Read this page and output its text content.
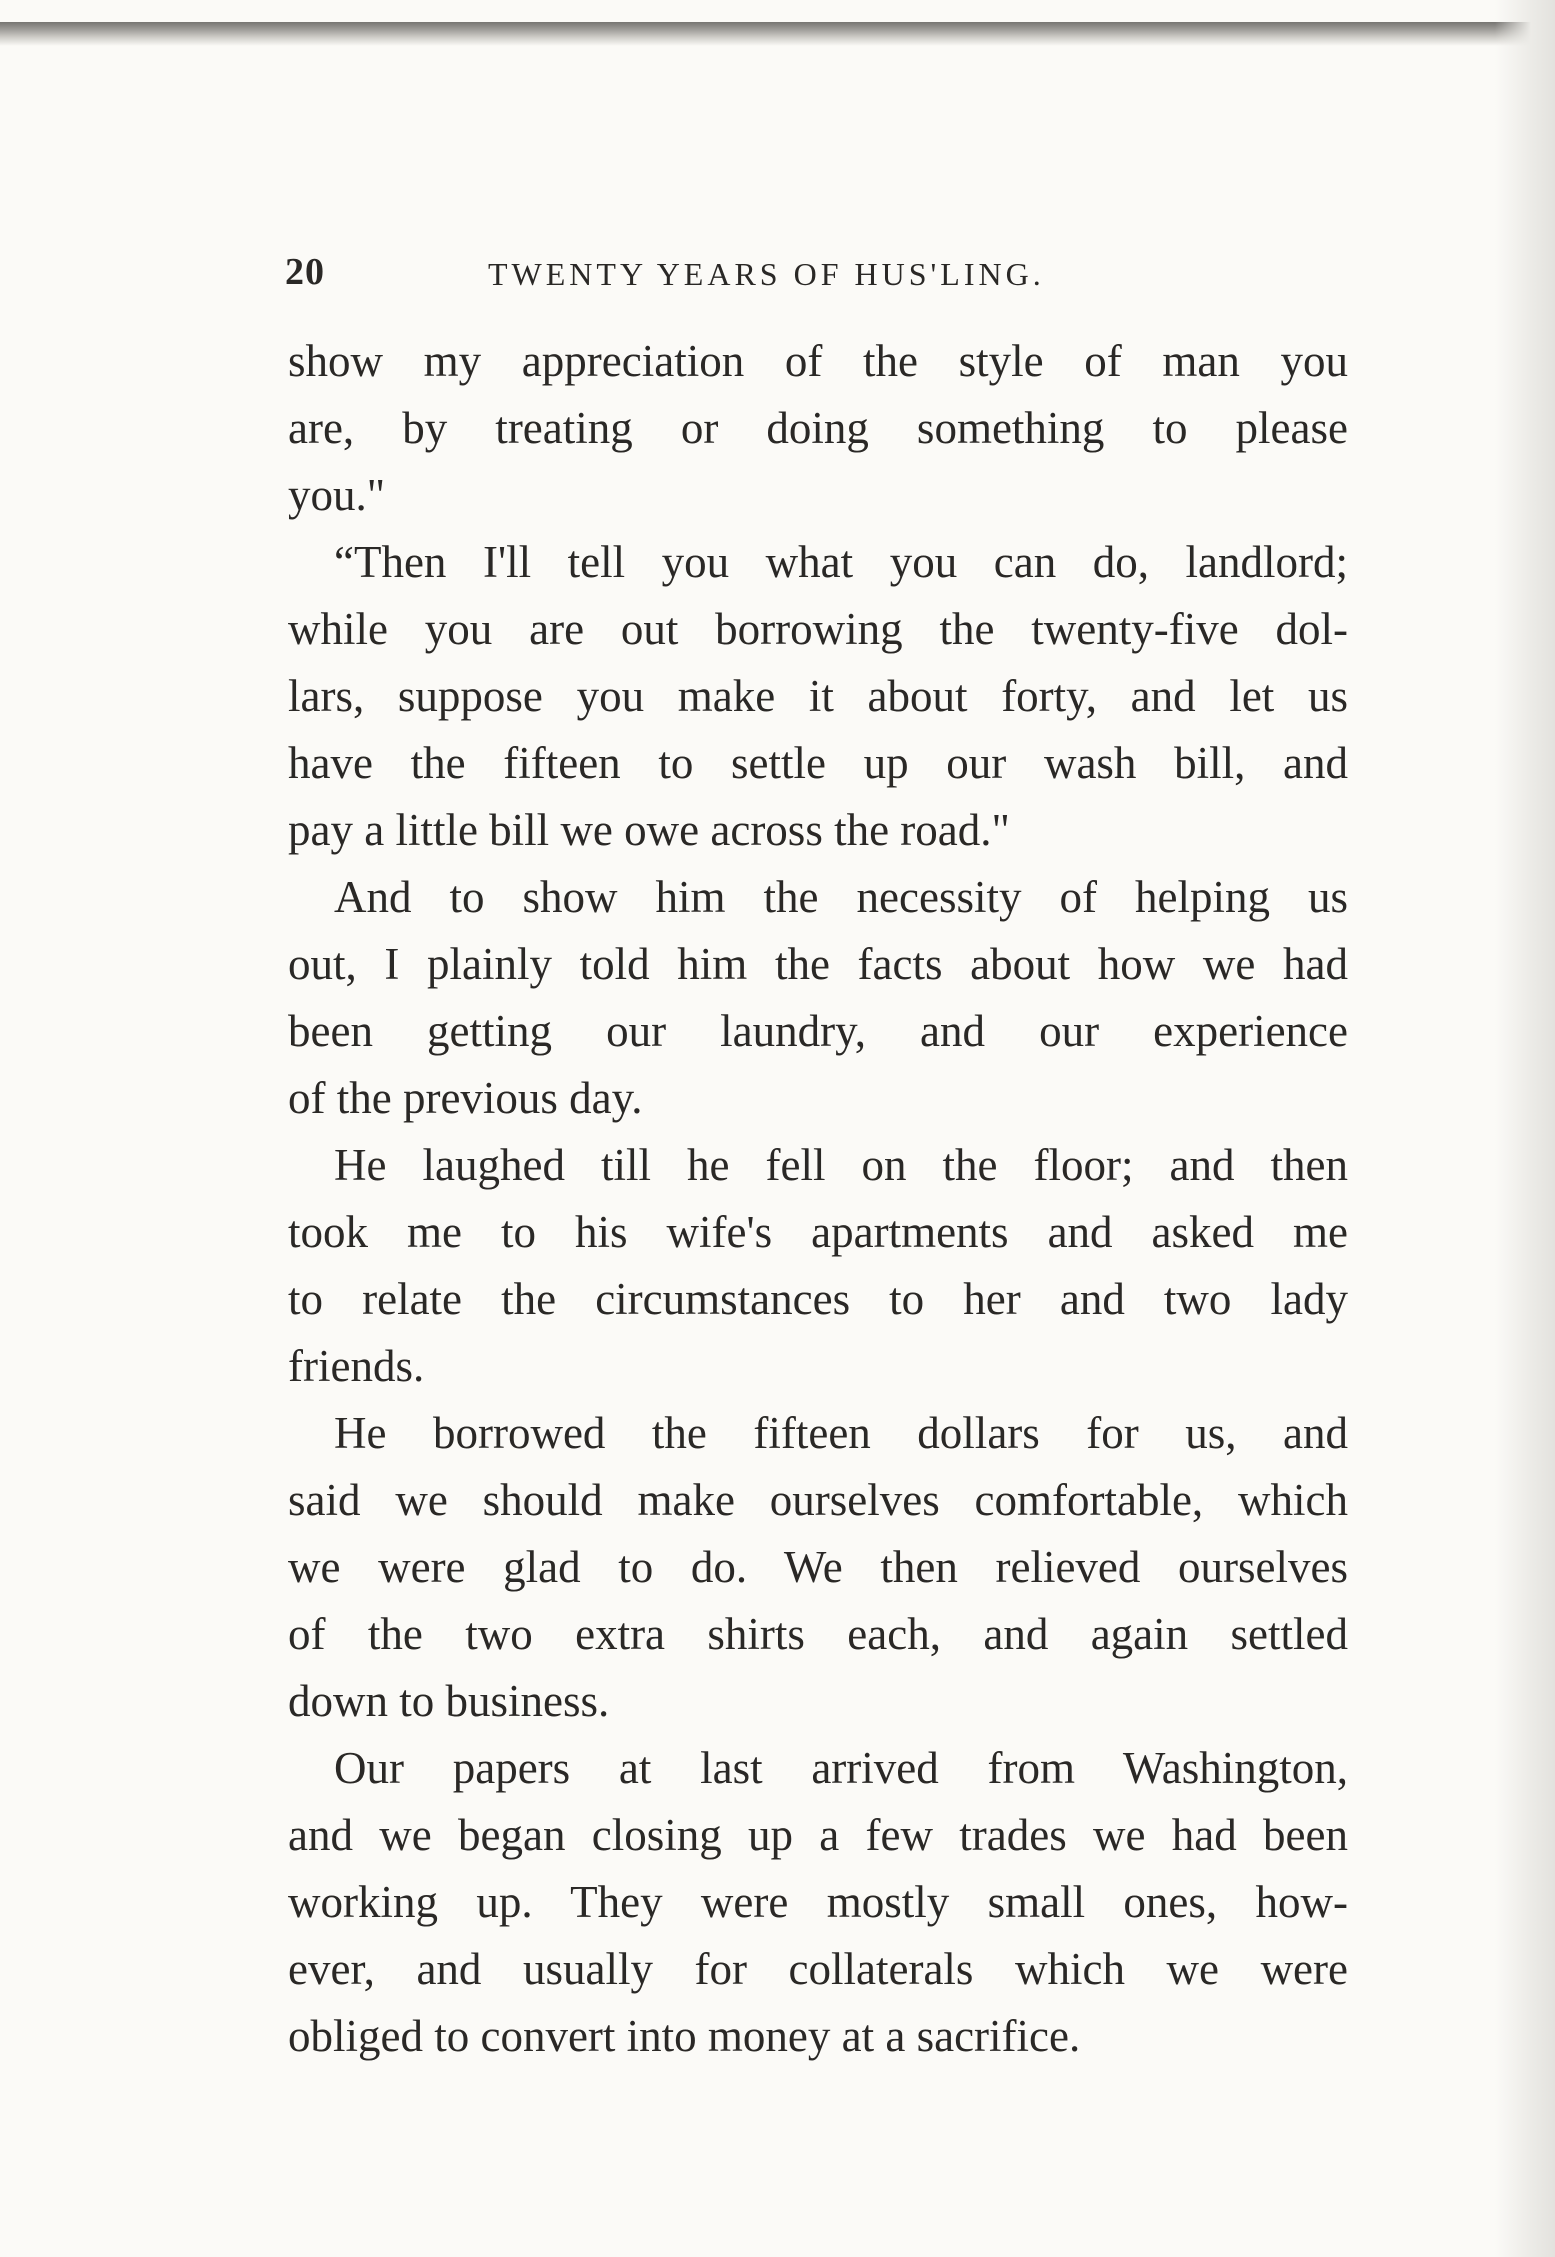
20	TWENTY YEARS OF HUS'LING.
show my appreciation of the style of man you
are, by treating or doing something to please
you."
“Then I'll tell you what you can do, landlord;
while you are out borrowing the twenty-five dol-
lars, suppose you make it about forty, and let us
have the fifteen to settle up our wash bill, and
pay a little bill we owe across the road."
And to show him the necessity of helping us
out, I plainly told him the facts about how we had
been getting our laundry, and our experience
of the previous day.
He laughed till he fell on the floor; and then
took me to his wife's apartments and asked me
to relate the circumstances to her and two lady
friends.
He borrowed the fifteen dollars for us, and
said we should make ourselves comfortable, which
we were glad to do. We then relieved ourselves
of the two extra shirts each, and again settled
down to business.
Our papers at last arrived from Washington,
and we began closing up a few trades we had been
working up. They were mostly small ones, how-
ever, and usually for collaterals which we were
obliged to convert into money at a sacrifice.
